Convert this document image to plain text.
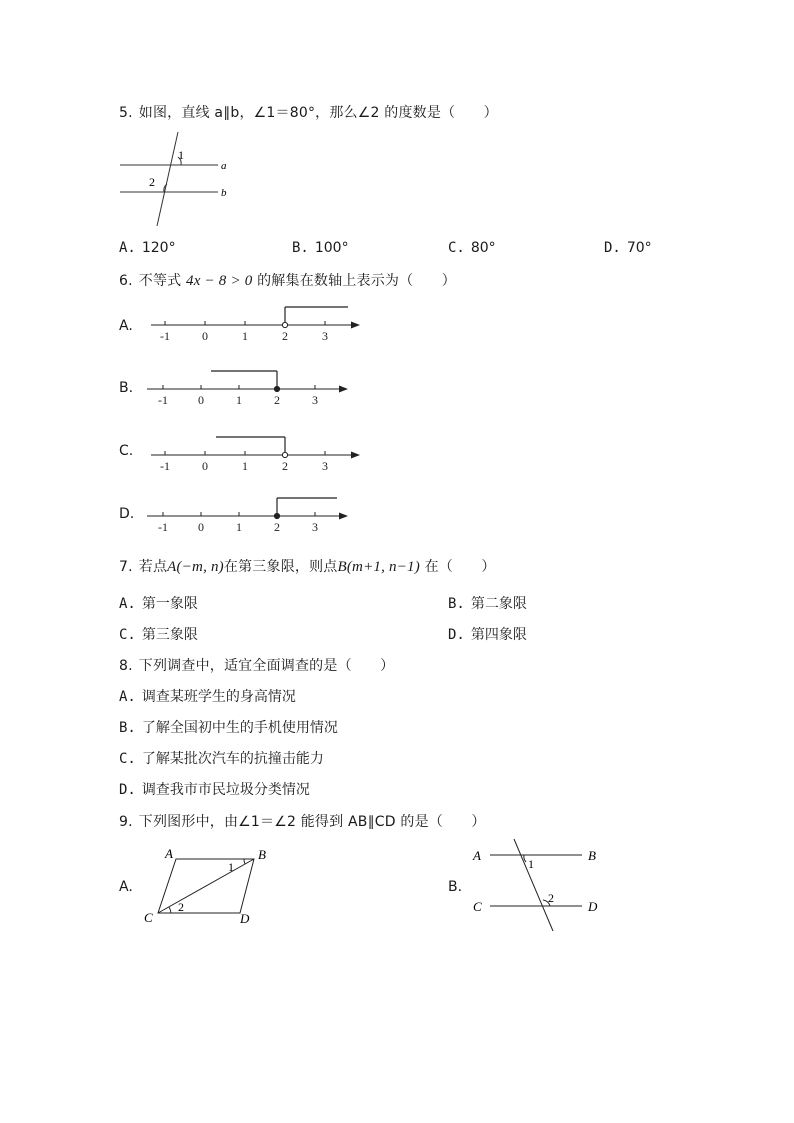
5. 如图，直线 a∥b，∠1＝80°，那么∠2 的度数是（　　）
1
2
a
b
A. 120°	B. 100°	C. 80°	D. 70°
6. 不等式 4x − 8 > 0 的解集在数轴上表示为（　　）
A.
-1	0	1	2	3
B.
-1	0	1	2	3
C.
-1	0	1	2	3
D.
-1	0	1	2	3
7. 若点A(−m, n)在第三象限，则点B(m+1, n−1) 在（　　）
A. 第一象限	B. 第二象限
C. 第三象限	D. 第四象限
8. 下列调查中，适宜全面调查的是（　　）
A. 调查某班学生的身高情况
B. 了解全国初中生的手机使用情况
C. 了解某批次汽车的抗撞击能力
D. 调查我市市民垃圾分类情况
9. 下列图形中，由∠1＝∠2 能得到 AB∥CD 的是（　　）
A.
A	B
C	D
1
2
B.
A	B
C	D
1
2
